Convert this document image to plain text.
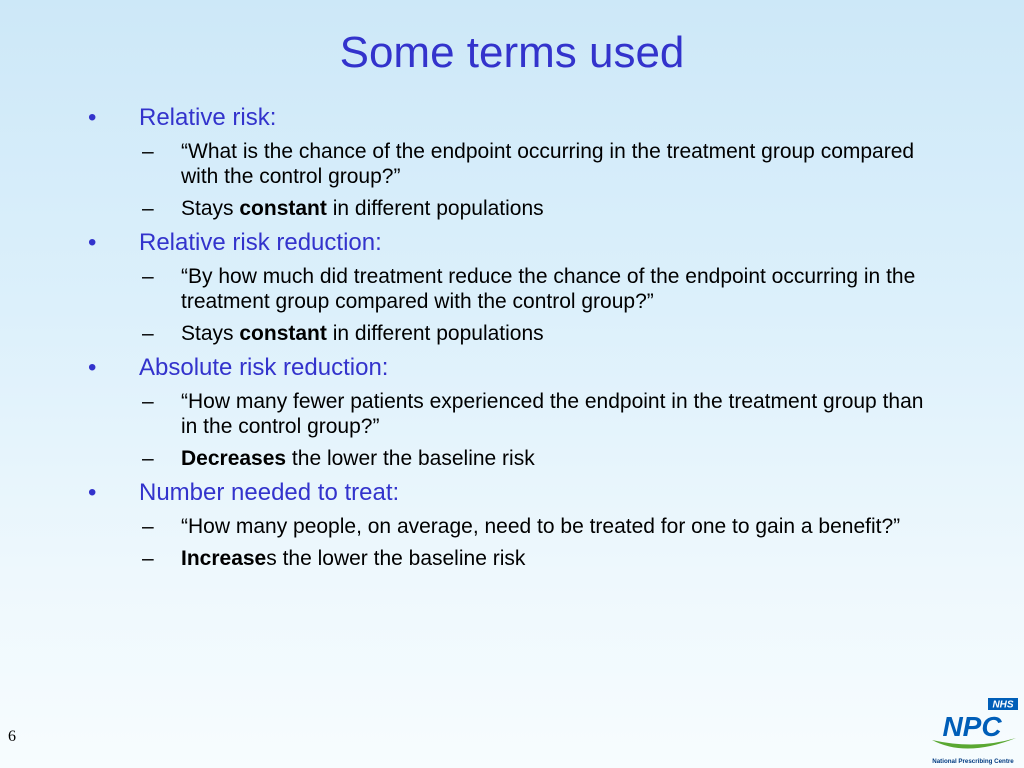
Some terms used
• Relative risk:
– “What is the chance of the endpoint occurring in the treatment group compared with the control group?”
– Stays constant in different populations
• Relative risk reduction:
– “By how much did treatment reduce the chance of the endpoint occurring in the treatment group compared with the control group?”
– Stays constant in different populations
• Absolute risk reduction:
– “How many fewer patients experienced the endpoint in the treatment group than in the control group?”
– Decreases the lower the baseline risk
• Number needed to treat:
– “How many people, on average, need to be treated for one to gain a benefit?”
– Increases the lower the baseline risk
6
NHS
NPC
National Prescribing Centre
